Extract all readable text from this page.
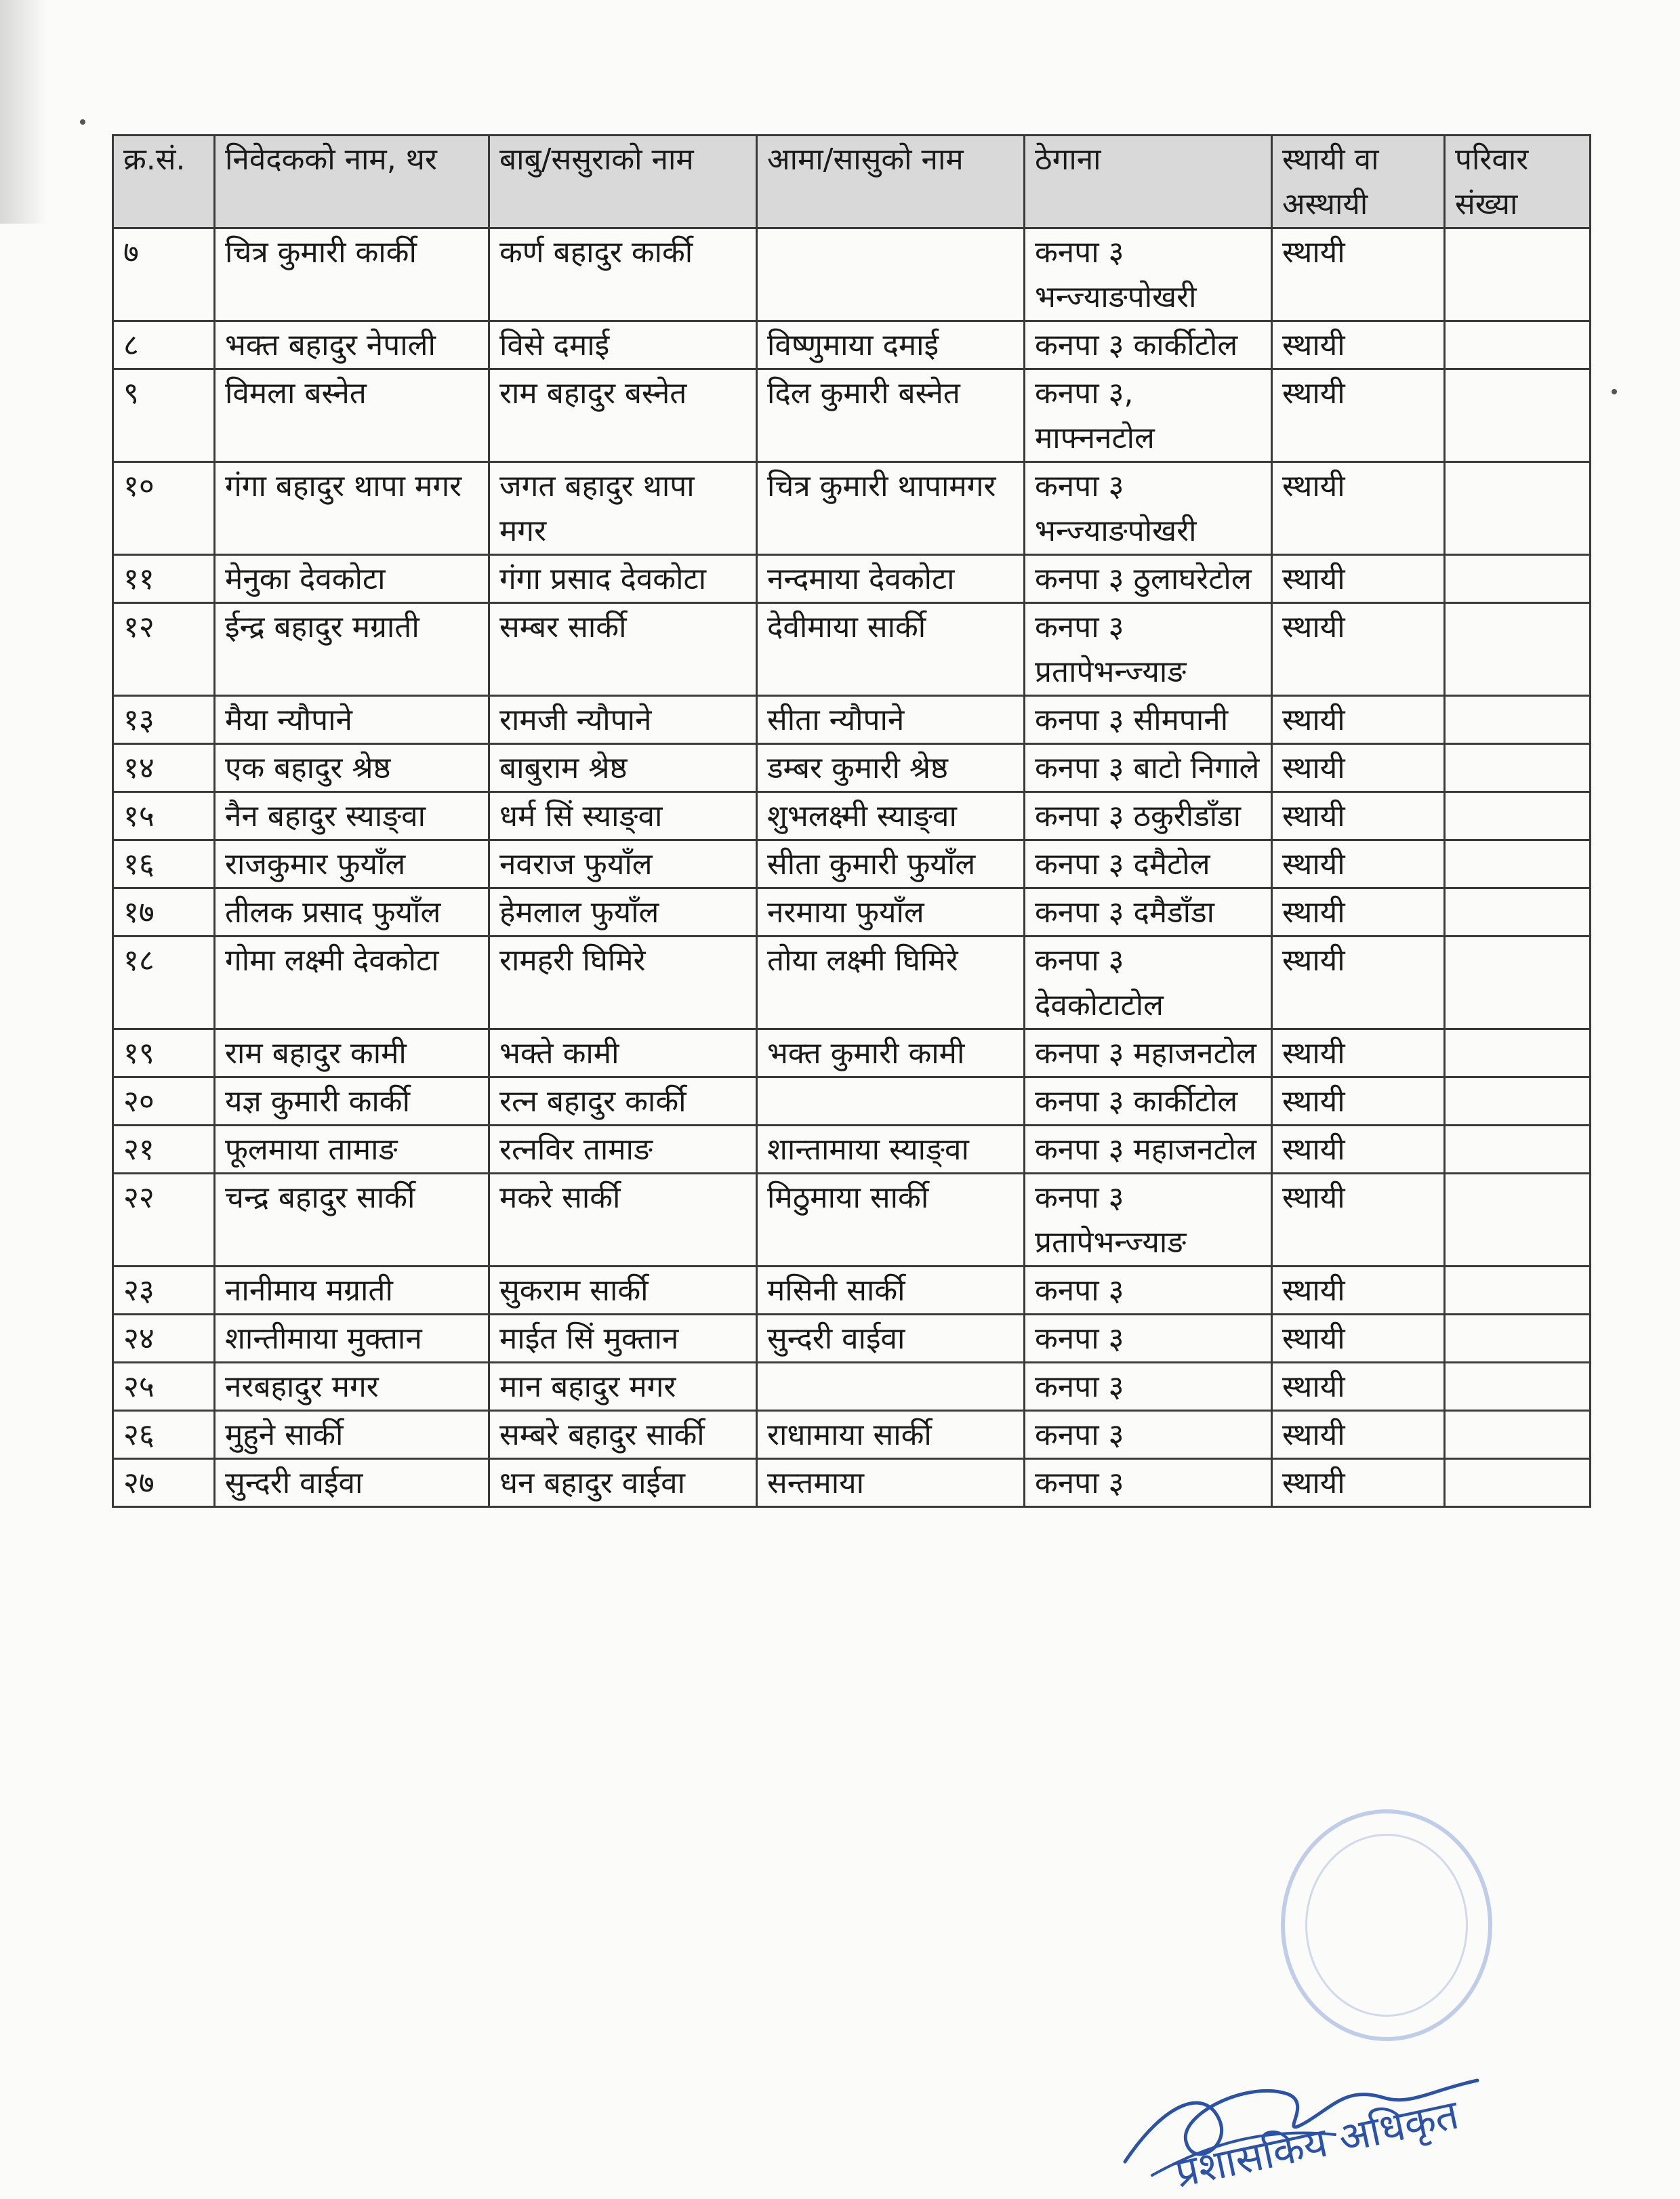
क्र.सं.	निवेदकको नाम, थर	बाबु/ससुराको नाम	आमा/सासुको नाम	ठेगाना	स्थायी वा अस्थायी	परिवार संख्या
७	चित्र कुमारी कार्की	कर्ण बहादुर कार्की		कनपा ३ भन्ज्याङपोखरी	स्थायी	
८	भक्त बहादुर नेपाली	विसे दमाई	विष्णुमाया दमाई	कनपा ३ कार्कीटोल	स्थायी	
९	विमला बस्नेत	राम बहादुर बस्नेत	दिल कुमारी बस्नेत	कनपा ३, माफ्ननटोल	स्थायी	
१०	गंगा बहादुर थापा मगर	जगत बहादुर थापा मगर	चित्र कुमारी थापामगर	कनपा ३ भन्ज्याङपोखरी	स्थायी	
११	मेनुका देवकोटा	गंगा प्रसाद देवकोटा	नन्दमाया देवकोटा	कनपा ३ ठुलाघरेटोल	स्थायी	
१२	ईन्द्र बहादुर मग्राती	सम्बर सार्की	देवीमाया सार्की	कनपा ३ प्रतापेभन्ज्याङ	स्थायी	
१३	मैया न्यौपाने	रामजी न्यौपाने	सीता न्यौपाने	कनपा ३ सीमपानी	स्थायी	
१४	एक बहादुर श्रेष्ठ	बाबुराम श्रेष्ठ	डम्बर कुमारी श्रेष्ठ	कनपा ३ बाटो निगाले	स्थायी	
१५	नैन बहादुर स्याङ्वा	धर्म सिं स्याङ्वा	शुभलक्ष्मी स्याङ्वा	कनपा ३ ठकुरीडाँडा	स्थायी	
१६	राजकुमार फुयाँल	नवराज फुयाँल	सीता कुमारी फुयाँल	कनपा ३ दमैटोल	स्थायी	
१७	तीलक प्रसाद फुयाँल	हेमलाल फुयाँल	नरमाया फुयाँल	कनपा ३ दमैडाँडा	स्थायी	
१८	गोमा लक्ष्मी देवकोटा	रामहरी घिमिरे	तोया लक्ष्मी घिमिरे	कनपा ३ देवकोटाटोल	स्थायी	
१९	राम बहादुर कामी	भक्ते कामी	भक्त कुमारी कामी	कनपा ३ महाजनटोल	स्थायी	
२०	यज्ञ कुमारी कार्की	रत्न बहादुर कार्की		कनपा ३ कार्कीटोल	स्थायी	
२१	फूलमाया तामाङ	रत्नविर तामाङ	शान्तामाया स्याङ्वा	कनपा ३ महाजनटोल	स्थायी	
२२	चन्द्र बहादुर सार्की	मकरे सार्की	मिठुमाया सार्की	कनपा ३ प्रतापेभन्ज्याङ	स्थायी	
२३	नानीमाय मग्राती	सुकराम सार्की	मसिनी सार्की	कनपा ३	स्थायी	
२४	शान्तीमाया मुक्तान	माईत सिं मुक्तान	सुन्दरी वाईवा	कनपा ३	स्थायी	
२५	नरबहादुर मगर	मान बहादुर मगर		कनपा ३	स्थायी	
२६	मुहुने सार्की	सम्बरे बहादुर सार्की	राधामाया सार्की	कनपा ३	स्थायी	
२७	सुन्दरी वाईवा	धन बहादुर वाईवा	सन्तमाया	कनपा ३	स्थायी	
प्रशासकिय अधिकृत
